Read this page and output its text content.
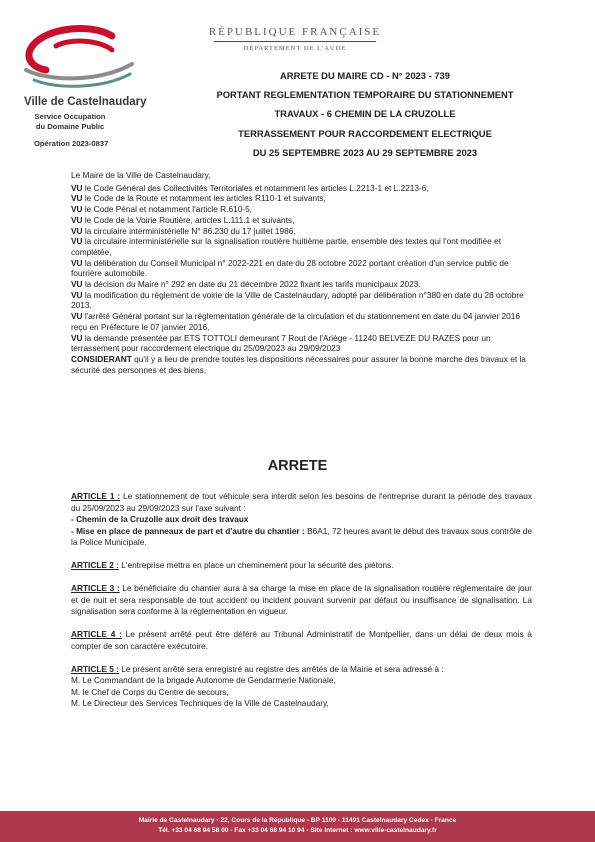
Ville de Castelnaudary
Service Occupation
du Domaine Public
Opération 2023-0837
RÉPUBLIQUE FRANÇAISE
DÉPARTEMENT DE L'AUDE
ARRETE DU MAIRE CD - N° 2023 - 739
PORTANT REGLEMENTATION TEMPORAIRE DU STATIONNEMENT
TRAVAUX - 6 CHEMIN DE LA CRUZOLLE
TERRASSEMENT POUR RACCORDEMENT ELECTRIQUE
DU 25 SEPTEMBRE 2023 AU 29 SEPTEMBRE 2023

Le Maire de la Ville de Castelnaudary,

VU le Code Général des Collectivités Territoriales et notamment les articles L.2213-1 et L.2213-6,

VU le Code de la Route et notamment les articles R110-1 et suivants,

VU le Code Pénal et notamment l'article R.610-5,

VU le Code de la Voirie Routière, articles L.111.1 et suivants,

VU la circulaire interministérielle N° 86.230 du 17 juillet 1986,

VU la circulaire interministérielle sur la signalisation routière huitième partie, ensemble des textes qui l'ont modifiée et complétée,

VU la délibération du Conseil Municipal n° 2022-221 en date du 28 octobre 2022 portant création d'un service public de fourrière automobile.

VU la décision du Maire n° 292 en date du 21 décembre 2022 fixant les tarifs municipaux 2023.

VU la modification du règlement de voirie de la Ville de Castelnaudary, adopté par délibération n°380 en date du 28 octobre 2013.

VU l'arrêté Général portant sur la réglementation générale de la circulation et du stationnement en date du 04 janvier 2016 reçu en Préfecture le 07 janvier 2016,

VU la demande présentée par ETS TOTTOLI demeurant 7 Rout de l'Ariège - 11240 BELVEZE DU RAZES pour un terrassement pour raccordement electrique du 25/09/2023 au 29/09/2023

CONSIDERANT qu'il y a lieu de prendre toutes les dispositions nécessaires pour assurer la bonne marche des travaux et la sécurité des personnes et des biens,

ARRETE

ARTICLE 1 : Le stationnement de tout véhicule sera interdit selon les besoins de l'entreprise durant la période des travaux du 25/09/2023 au 29/09/2023 sur l'axe suivant :

- Chemin de la Cruzolle aux droit des travaux

- Mise en place de panneaux de part et d'autre du chantier : B6A1, 72 heures avant le début des travaux sous contrôle de la Police Municipale.

ARTICLE 2 : L'entreprise mettra en place un cheminement pour la sécurité des piétons.

ARTICLE 3 : Le bénéficiaire du chantier aura à sa charge la mise en place de la signalisation routière réglementaire de jour et de nuit et sera responsable de tout accident ou incident pouvant survenir par défaut ou insuffisance de signalisation. La signalisation sera conforme à la réglementation en vigueur.

ARTICLE 4 : Le présent arrêté peut être déféré au Tribunal Administratif de Montpellier, dans un délai de deux mois à compter de son caractère exécutoire.

ARTICLE 5 : Le présent arrêté sera enregistré au registre des arrêtés de la Mairie et sera adressé à :

M. Le Commandant de la brigade Autonome de Gendarmerie Nationale,

M. le Chef de Corps du Centre de secours,

M. Le Directeur des Services Techniques de la Ville de Castelnaudary,

Mairie de Castelnaudary - 22, Cours de la République - BP 1100 - 11491 Castelnaudary Cedex - France
Tél. +33 04 68 94 58 00 - Fax +33 04 68 94 10 94 - Site Internet : www.ville-castelnaudary.fr
